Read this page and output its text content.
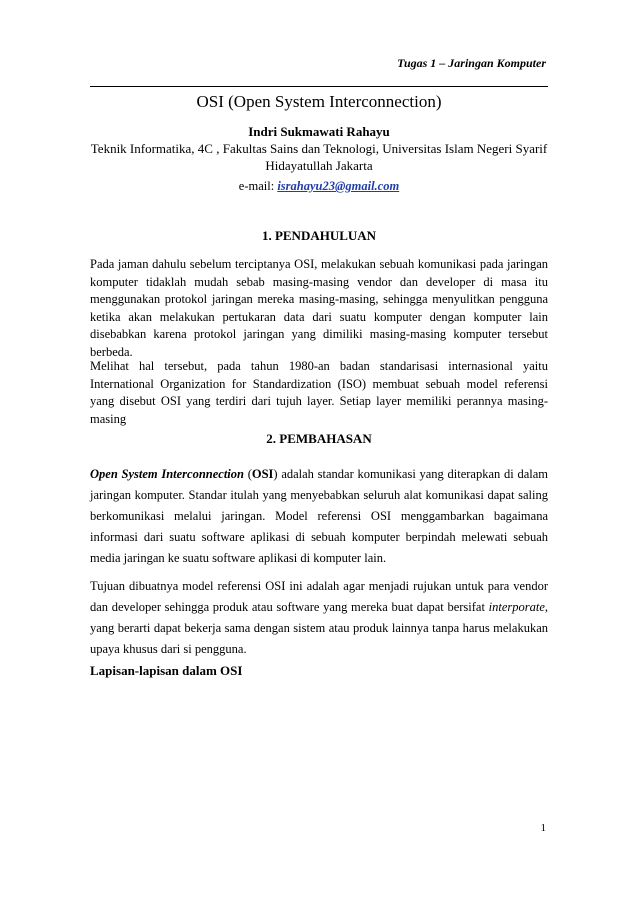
Tugas 1 – Jaringan Komputer
OSI (Open System Interconnection)
Indri Sukmawati Rahayu
Teknik Informatika, 4C , Fakultas Sains dan Teknologi, Universitas Islam Negeri Syarif Hidayatullah Jakarta
e-mail: israhayu23@gmail.com
1. PENDAHULUAN

Pada jaman dahulu sebelum terciptanya OSI, melakukan sebuah komunikasi pada jaringan komputer tidaklah mudah sebab masing-masing vendor dan developer di masa itu menggunakan protokol jaringan mereka masing-masing, sehingga menyulitkan pengguna ketika akan melakukan pertukaran data dari suatu komputer dengan komputer lain disebabkan karena protokol jaringan yang dimiliki masing-masing komputer tersebut berbeda.

Melihat hal tersebut, pada tahun 1980-an badan standarisasi internasional yaitu International Organization for Standardization (ISO) membuat sebuah model referensi yang disebut OSI yang terdiri dari tujuh layer. Setiap layer memiliki perannya masing-masing

2. PEMBAHASAN

Open System Interconnection (OSI) adalah standar komunikasi yang diterapkan di dalam jaringan komputer. Standar itulah yang menyebabkan seluruh alat komunikasi dapat saling berkomunikasi melalui jaringan. Model referensi OSI menggambarkan bagaimana informasi dari suatu software aplikasi di sebuah komputer berpindah melewati sebuah media jaringan ke suatu software aplikasi di komputer lain.

Tujuan dibuatnya model referensi OSI ini adalah agar menjadi rujukan untuk para vendor dan developer sehingga produk atau software yang mereka buat dapat bersifat interporate, yang berarti dapat bekerja sama dengan sistem atau produk lainnya tanpa harus melakukan upaya khusus dari si pengguna.

Lapisan-lapisan dalam OSI
1
